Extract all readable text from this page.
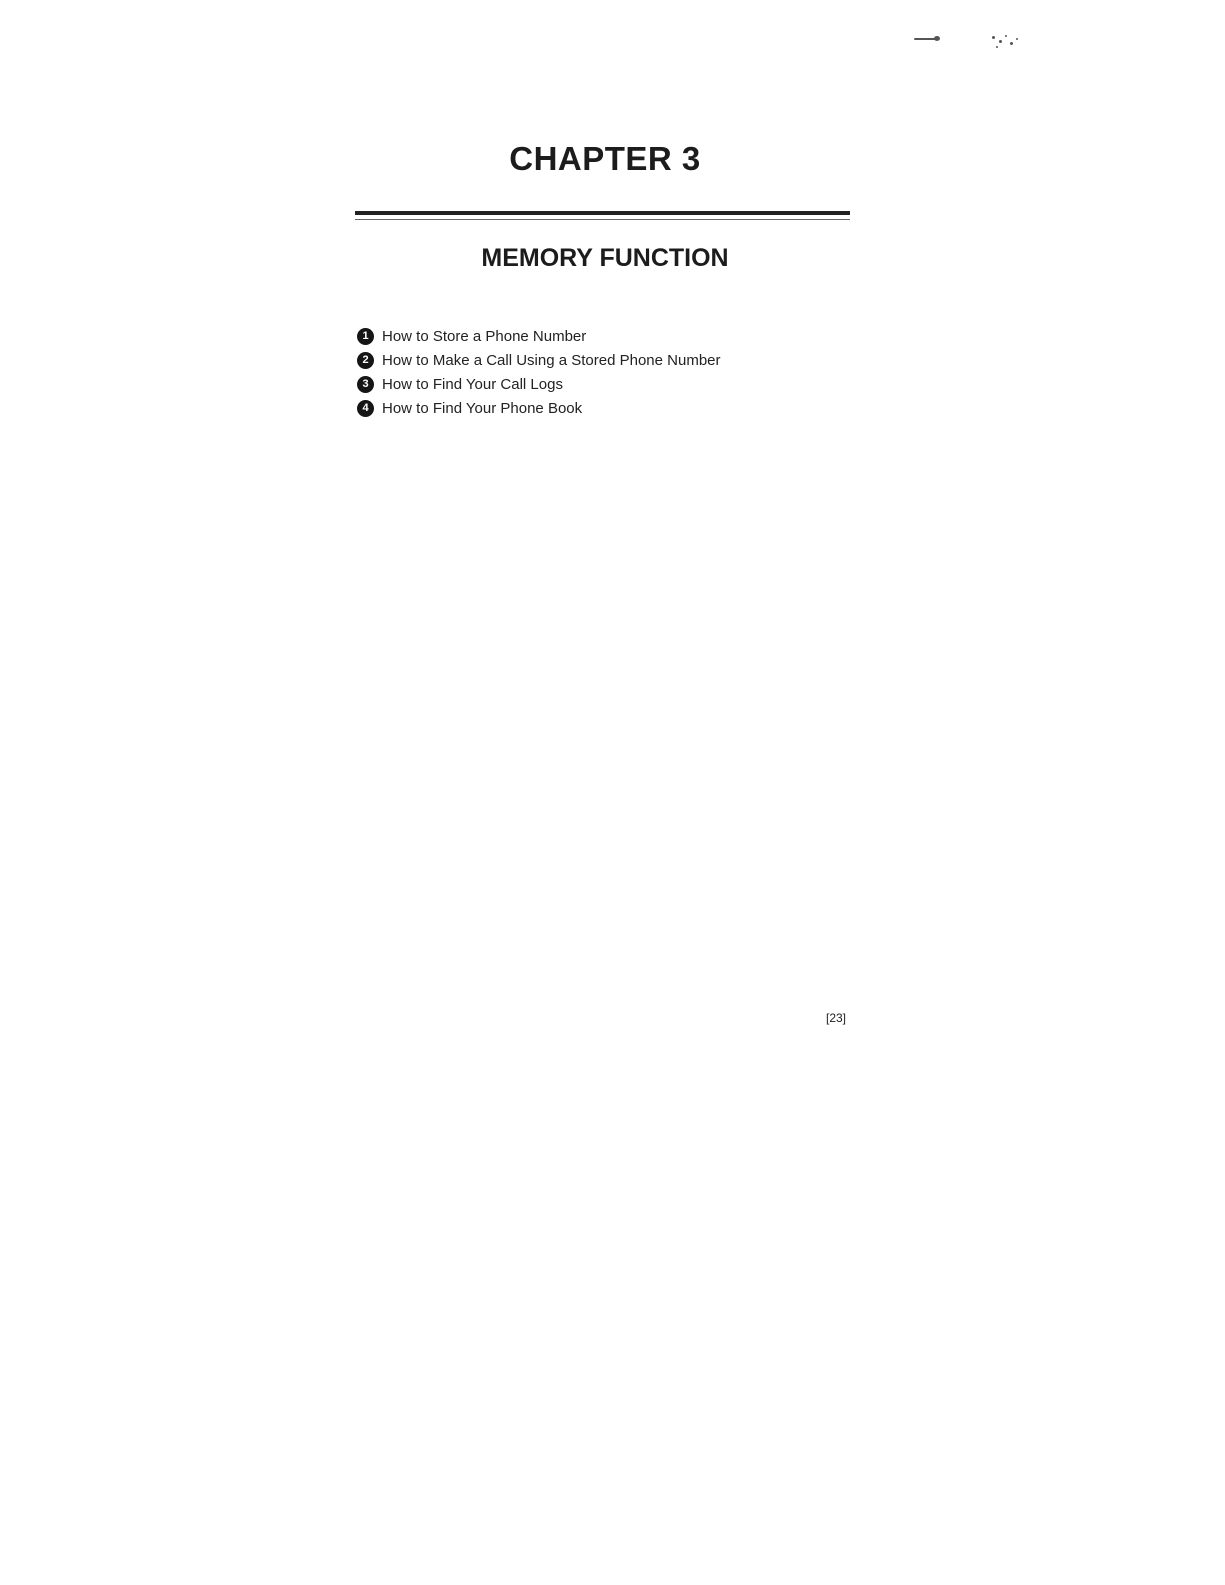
CHAPTER 3
MEMORY FUNCTION
1 How to Store a Phone Number
2 How to Make a Call Using a Stored Phone Number
3 How to Find Your Call Logs
4 How to Find Your Phone Book

[23]
